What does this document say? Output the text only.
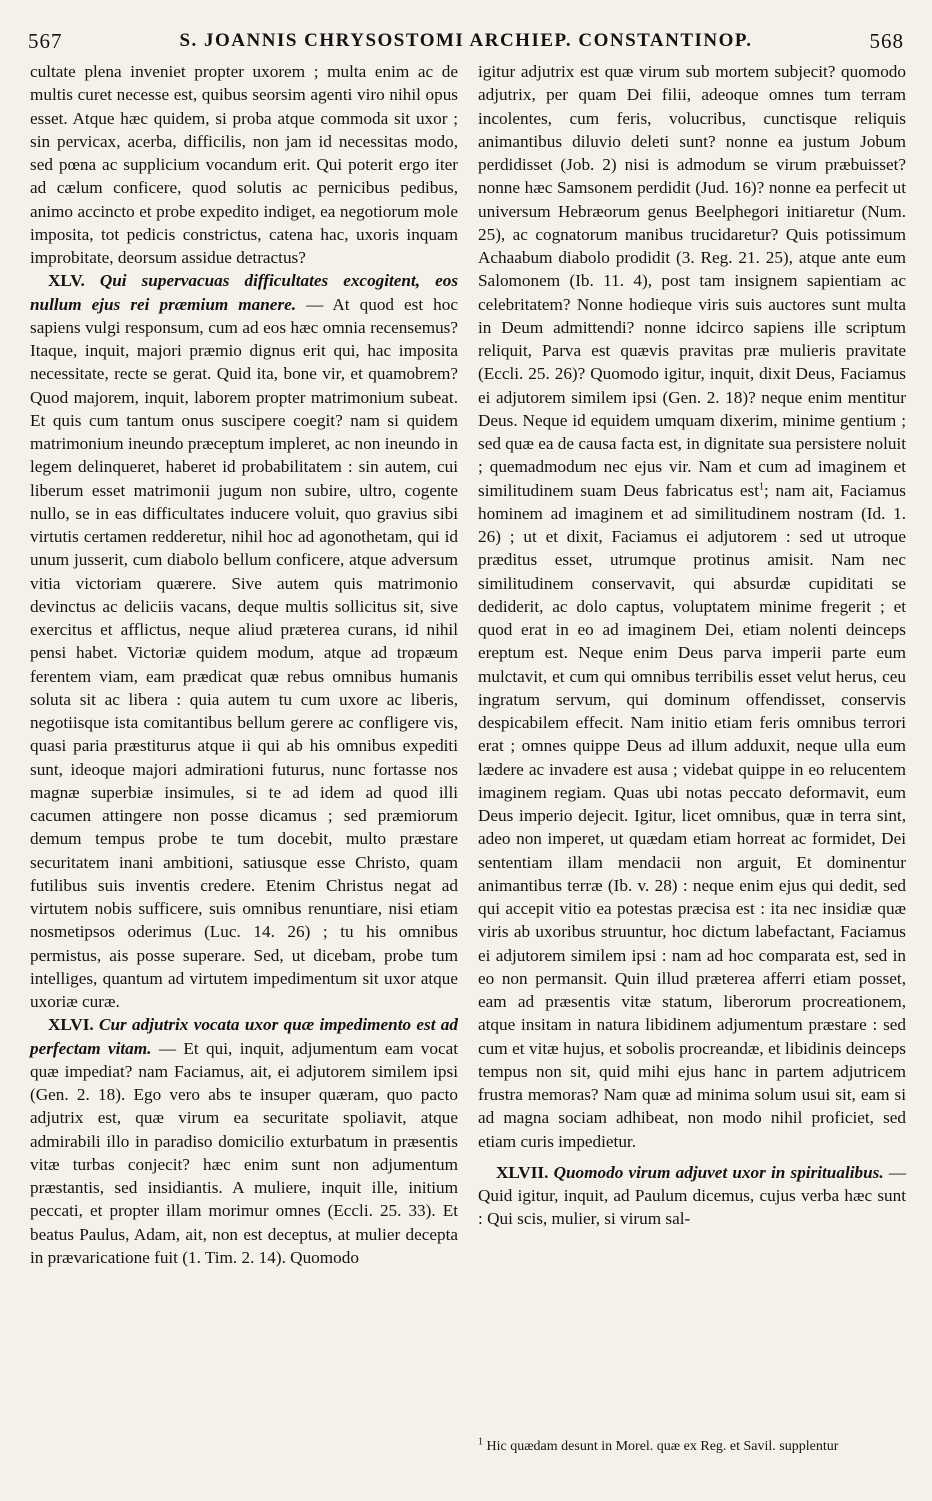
567	S. JOANNIS CHRYSOSTOMI ARCHIEP. CONSTANTINOP.	568

cultate plena inveniet propter uxorem ; multa enim ac de multis curet necesse est, quibus seorsim agenti viro nihil opus esset. Atque hæc quidem, si proba atque commoda sit uxor ; sin pervicax, acerba, difficilis, non jam id necessitas modo, sed pœna ac supplicium vocandum erit. Qui poterit ergo iter ad cælum conficere, quod solutis ac pernicibus pedibus, animo accincto et probe expedito indiget, ea negotiorum mole imposita, tot pedicis constrictus, catena hac, uxoris inquam improbitate, deorsum assidue detractus?

XLV. Qui supervacuas difficultates excogitent, eos nullum ejus rei præmium manere. — At quod est hoc sapiens vulgi responsum, cum ad eos hæc omnia recensemus? Itaque, inquit, majori præmio dignus erit qui, hac imposita necessitate, recte se gerat. Quid ita, bone vir, et quamobrem? Quod majorem, inquit, laborem propter matrimonium subeat. Et quis cum tantum onus suscipere coegit? nam si quidem matrimonium ineundo præceptum impleret, ac non ineundo in legem delinqueret, haberet id probabilitatem : sin autem, cui liberum esset matrimonii jugum non subire, ultro, cogente nullo, se in eas difficultates inducere voluit, quo gravius sibi virtutis certamen redderetur, nihil hoc ad agonothetam, qui id unum jusserit, cum diabolo bellum conficere, atque adversum vitia victoriam quærere. Sive autem quis matrimonio devinctus ac deliciis vacans, deque multis sollicitus sit, sive exercitus et afflictus, neque aliud præterea curans, id nihil pensi habet. Victoriæ quidem modum, atque ad tropæum ferentem viam, eam prædicat quæ rebus omnibus humanis soluta sit ac libera : quia autem tu cum uxore ac liberis, negotiisque ista comitantibus bellum gerere ac confligere vis, quasi paria præstiturus atque ii qui ab his omnibus expediti sunt, ideoque majori admirationi futurus, nunc fortasse nos magnæ superbiæ insimules, si te ad idem ad quod illi cacumen attingere non posse dicamus ; sed præmiorum demum tempus probe te tum docebit, multo præstare securitatem inani ambitioni, satiusque esse Christo, quam futilibus suis inventis credere. Etenim Christus negat ad virtutem nobis sufficere, suis omnibus renuntiare, nisi etiam nosmetipsos oderimus (Luc. 14. 26) ; tu his omnibus permistus, ais posse superare. Sed, ut dicebam, probe tum intelliges, quantum ad virtutem impedimentum sit uxor atque uxoriæ curæ.

XLVI. Cur adjutrix vocata uxor quæ impedimento est ad perfectam vitam. — Et qui, inquit, adjumentum eam vocat quæ impediat? nam Faciamus, ait, ei adjutorem similem ipsi (Gen. 2. 18). Ego vero abs te insuper quæram, quo pacto adjutrix est, quæ virum ea securitate spoliavit, atque admirabili illo in paradiso domicilio exturbatum in præsentis vitæ turbas conjecit? hæc enim sunt non adjumentum præstantis, sed insidiantis. A muliere, inquit ille, initium peccati, et propter illam morimur omnes (Eccli. 25. 33). Et beatus Paulus, Adam, ait, non est deceptus, at mulier decepta in prævaricatione fuit (1. Tim. 2. 14). Quomodo

igitur adjutrix est quæ virum sub mortem subjecit? quomodo adjutrix, per quam Dei filii, adeoque omnes tum terram incolentes, cum feris, volucribus, cunctisque reliquis animantibus diluvio deleti sunt? nonne ea justum Jobum perdidisset (Job. 2) nisi is admodum se virum præbuisset? nonne hæc Samsonem perdidit (Jud. 16)? nonne ea perfecit ut universum Hebræorum genus Beelphegori initiaretur (Num. 25), ac cognatorum manibus trucidaretur? Quis potissimum Achaabum diabolo prodidit (3. Reg. 21. 25), atque ante eum Salomonem (Ib. 11. 4), post tam insignem sapientiam ac celebritatem? Nonne hodieque viris suis auctores sunt multa in Deum admittendi? nonne idcirco sapiens ille scriptum reliquit, Parva est quævis pravitas præ mulieris pravitate (Eccli. 25. 26)? Quomodo igitur, inquit, dixit Deus, Faciamus ei adjutorem similem ipsi (Gen. 2. 18)? neque enim mentitur Deus. Neque id equidem umquam dixerim, minime gentium ; sed quæ ea de causa facta est, in dignitate sua persistere noluit ; quemadmodum nec ejus vir. Nam et cum ad imaginem et similitudinem suam Deus fabricatus est$^1$; nam ait, Faciamus hominem ad imaginem et ad similitudinem nostram (Id. 1. 26) ; ut et dixit, Faciamus ei adjutorem : sed ut utroque præditus esset, utrumque protinus amisit. Nam nec similitudinem conservavit, qui absurdæ cupiditati se dediderit, ac dolo captus, voluptatem minime fregerit ; et quod erat in eo ad imaginem Dei, etiam nolenti deinceps ereptum est. Neque enim Deus parva imperii parte eum mulctavit, et cum qui omnibus terribilis esset velut herus, ceu ingratum servum, qui dominum offendisset, conservis despicabilem effecit. Nam initio etiam feris omnibus terrori erat ; omnes quippe Deus ad illum adduxit, neque ulla eum lædere ac invadere est ausa ; videbat quippe in eo relucentem imaginem regiam. Quas ubi notas peccato deformavit, eum Deus imperio dejecit. Igitur, licet omnibus, quæ in terra sint, adeo non imperet, ut quædam etiam horreat ac formidet, Dei sententiam illam mendacii non arguit, Et dominentur animantibus terræ (Ib. v. 28) : neque enim ejus qui dedit, sed qui accepit vitio ea potestas præcisa est : ita nec insidiæ quæ viris ab uxoribus struuntur, hoc dictum labefactant, Faciamus ei adjutorem similem ipsi : nam ad hoc comparata est, sed in eo non permansit. Quin illud præterea afferri etiam posset, eam ad præsentis vitæ statum, liberorum procreationem, atque insitam in natura libidinem adjumentum præstare : sed cum et vitæ hujus, et sobolis procreandæ, et libidinis deinceps tempus non sit, quid mihi ejus hanc in partem adjutricem frustra memoras? Nam quæ ad minima solum usui sit, eam si ad magna sociam adhibeat, non modo nihil proficiet, sed etiam curis impedietur.

XLVII. Quomodo virum adjuvet uxor in spiritualibus. — Quid igitur, inquit, ad Paulum dicemus, cujus verba hæc sunt : Qui scis, mulier, si virum sal-

$^1$ Hic quædam desunt in Morel. quæ ex Reg. et Savil. supplentur
